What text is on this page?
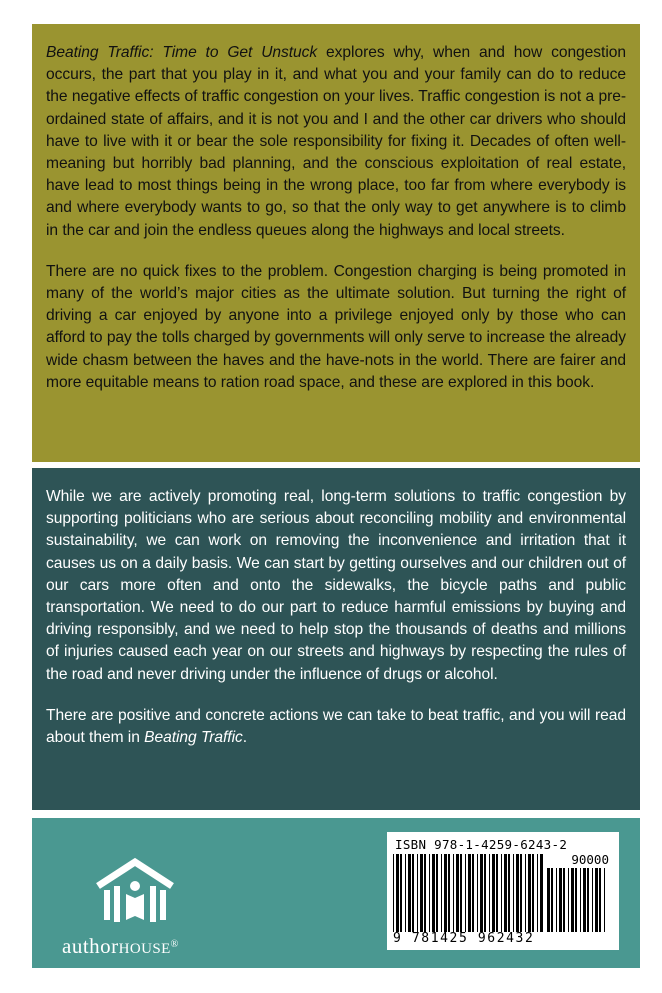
Beating Traffic: Time to Get Unstuck explores why, when and how congestion occurs, the part that you play in it, and what you and your family can do to reduce the negative effects of traffic congestion on your lives. Traffic congestion is not a pre-ordained state of affairs, and it is not you and I and the other car drivers who should have to live with it or bear the sole responsibility for fixing it. Decades of often well-meaning but horribly bad planning, and the conscious exploitation of real estate, have lead to most things being in the wrong place, too far from where everybody is and where everybody wants to go, so that the only way to get anywhere is to climb in the car and join the endless queues along the highways and local streets.

There are no quick fixes to the problem. Congestion charging is being promoted in many of the world’s major cities as the ultimate solution. But turning the right of driving a car enjoyed by anyone into a privilege enjoyed only by those who can afford to pay the tolls charged by governments will only serve to increase the already wide chasm between the haves and the have-nots in the world. There are fairer and more equitable means to ration road space, and these are explored in this book.

While we are actively promoting real, long-term solutions to traffic congestion by supporting politicians who are serious about reconciling mobility and environmental sustainability, we can work on removing the inconvenience and irritation that it causes us on a daily basis. We can start by getting ourselves and our children out of our cars more often and onto the sidewalks, the bicycle paths and public transportation. We need to do our part to reduce harmful emissions by buying and driving responsibly, and we need to help stop the thousands of deaths and millions of injuries caused each year on our streets and highways by respecting the rules of the road and never driving under the influence of drugs or alcohol.

There are positive and concrete actions we can take to beat traffic, and you will read about them in Beating Traffic.

authorHOUSE®
ISBN 978-1-4259-6243-2
90000
9 781425 962432
